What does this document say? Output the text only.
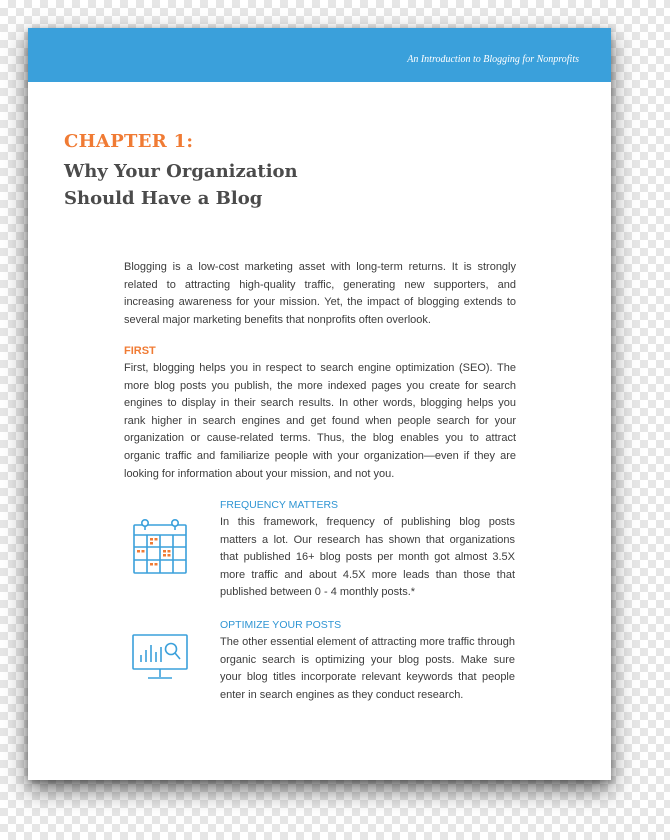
An Introduction to Blogging for Nonprofits
CHAPTER 1:
Why Your Organization
Should Have a Blog

Blogging is a low-cost marketing asset with long-term returns. It is strongly related to attracting high-quality traffic, generating new supporters, and increasing awareness for your mission. Yet, the impact of blogging extends to several major marketing benefits that nonprofits often overlook.

FIRST

First, blogging helps you in respect to search engine optimization (SEO). The more blog posts you publish, the more indexed pages you create for search engines to display in their search results. In other words, blogging helps you rank higher in search engines and get found when people search for your organization or cause-related terms. Thus, the blog enables you to attract organic traffic and familiarize people with your organization—even if they are looking for information about your mission, and not you.

FREQUENCY MATTERS

In this framework, frequency of publishing blog posts matters a lot. Our research has shown that organizations that published 16+ blog posts per month got almost 3.5X more traffic and about 4.5X more leads than those that published between 0 - 4 monthly posts.*

OPTIMIZE YOUR POSTS

The other essential element of attracting more traffic through organic search is optimizing your blog posts. Make sure your blog titles incorporate relevant keywords that people enter in search engines as they conduct research.
